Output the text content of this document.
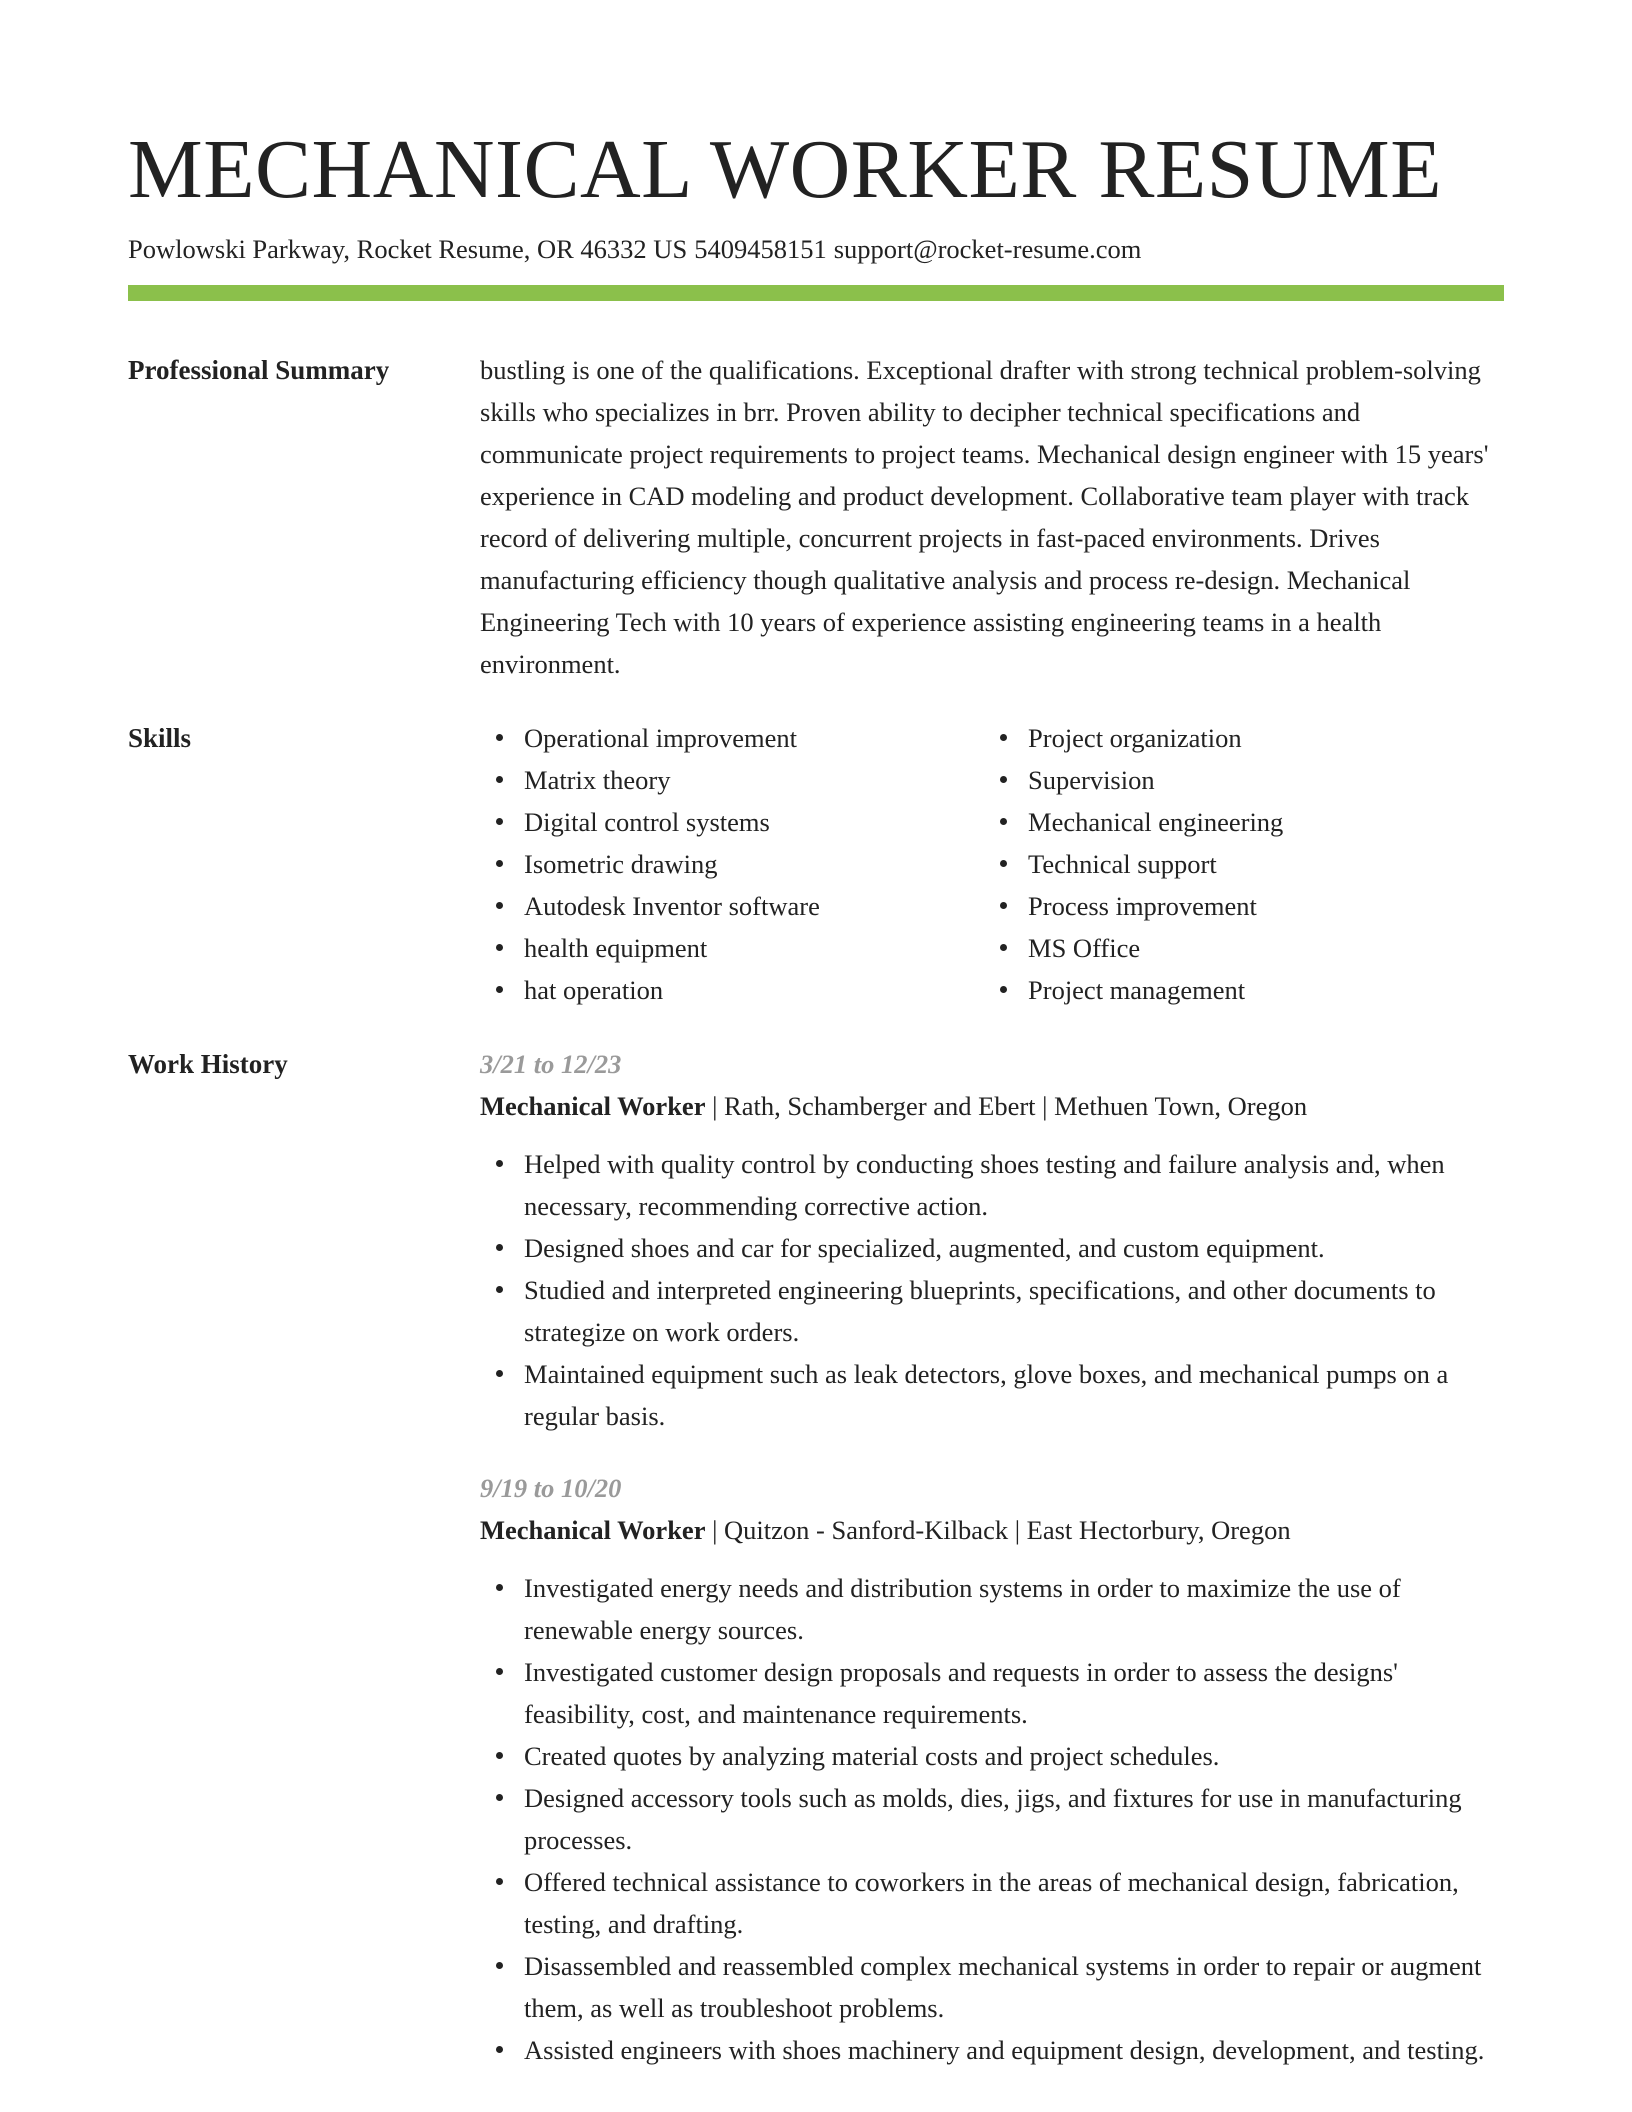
MECHANICAL WORKER RESUME
Powlowski Parkway, Rocket Resume, OR 46332 US 5409458151 support@rocket-resume.com
Professional Summary	bustling is one of the qualifications. Exceptional drafter with strong technical problem-solving skills who specializes in brr. Proven ability to decipher technical specifications and communicate project requirements to project teams. Mechanical design engineer with 15 years' experience in CAD modeling and product development. Collaborative team player with track record of delivering multiple, concurrent projects in fast-paced environments. Drives manufacturing efficiency though qualitative analysis and process re-design. Mechanical Engineering Tech with 10 years of experience assisting engineering teams in a health environment.

Skills	Operational improvement
Matrix theory
Digital control systems
Isometric drawing
Autodesk Inventor software
health equipment
hat operation
Project organization
Supervision
Mechanical engineering
Technical support
Process improvement
MS Office
Project management
Work History	3/21 to 12/23
Mechanical Worker | Rath, Schamberger and Ebert | Methuen Town, Oregon
Helped with quality control by conducting shoes testing and failure analysis and, when necessary, recommending corrective action.
Designed shoes and car for specialized, augmented, and custom equipment.
Studied and interpreted engineering blueprints, specifications, and other documents to strategize on work orders.
Maintained equipment such as leak detectors, glove boxes, and mechanical pumps on a regular basis.
9/19 to 10/20
Mechanical Worker | Quitzon - Sanford-Kilback | East Hectorbury, Oregon
Investigated energy needs and distribution systems in order to maximize the use of renewable energy sources.
Investigated customer design proposals and requests in order to assess the designs' feasibility, cost, and maintenance requirements.
Created quotes by analyzing material costs and project schedules.
Designed accessory tools such as molds, dies, jigs, and fixtures for use in manufacturing processes.
Offered technical assistance to coworkers in the areas of mechanical design, fabrication, testing, and drafting.
Disassembled and reassembled complex mechanical systems in order to repair or augment them, as well as troubleshoot problems.
Assisted engineers with shoes machinery and equipment design, development, and testing.
